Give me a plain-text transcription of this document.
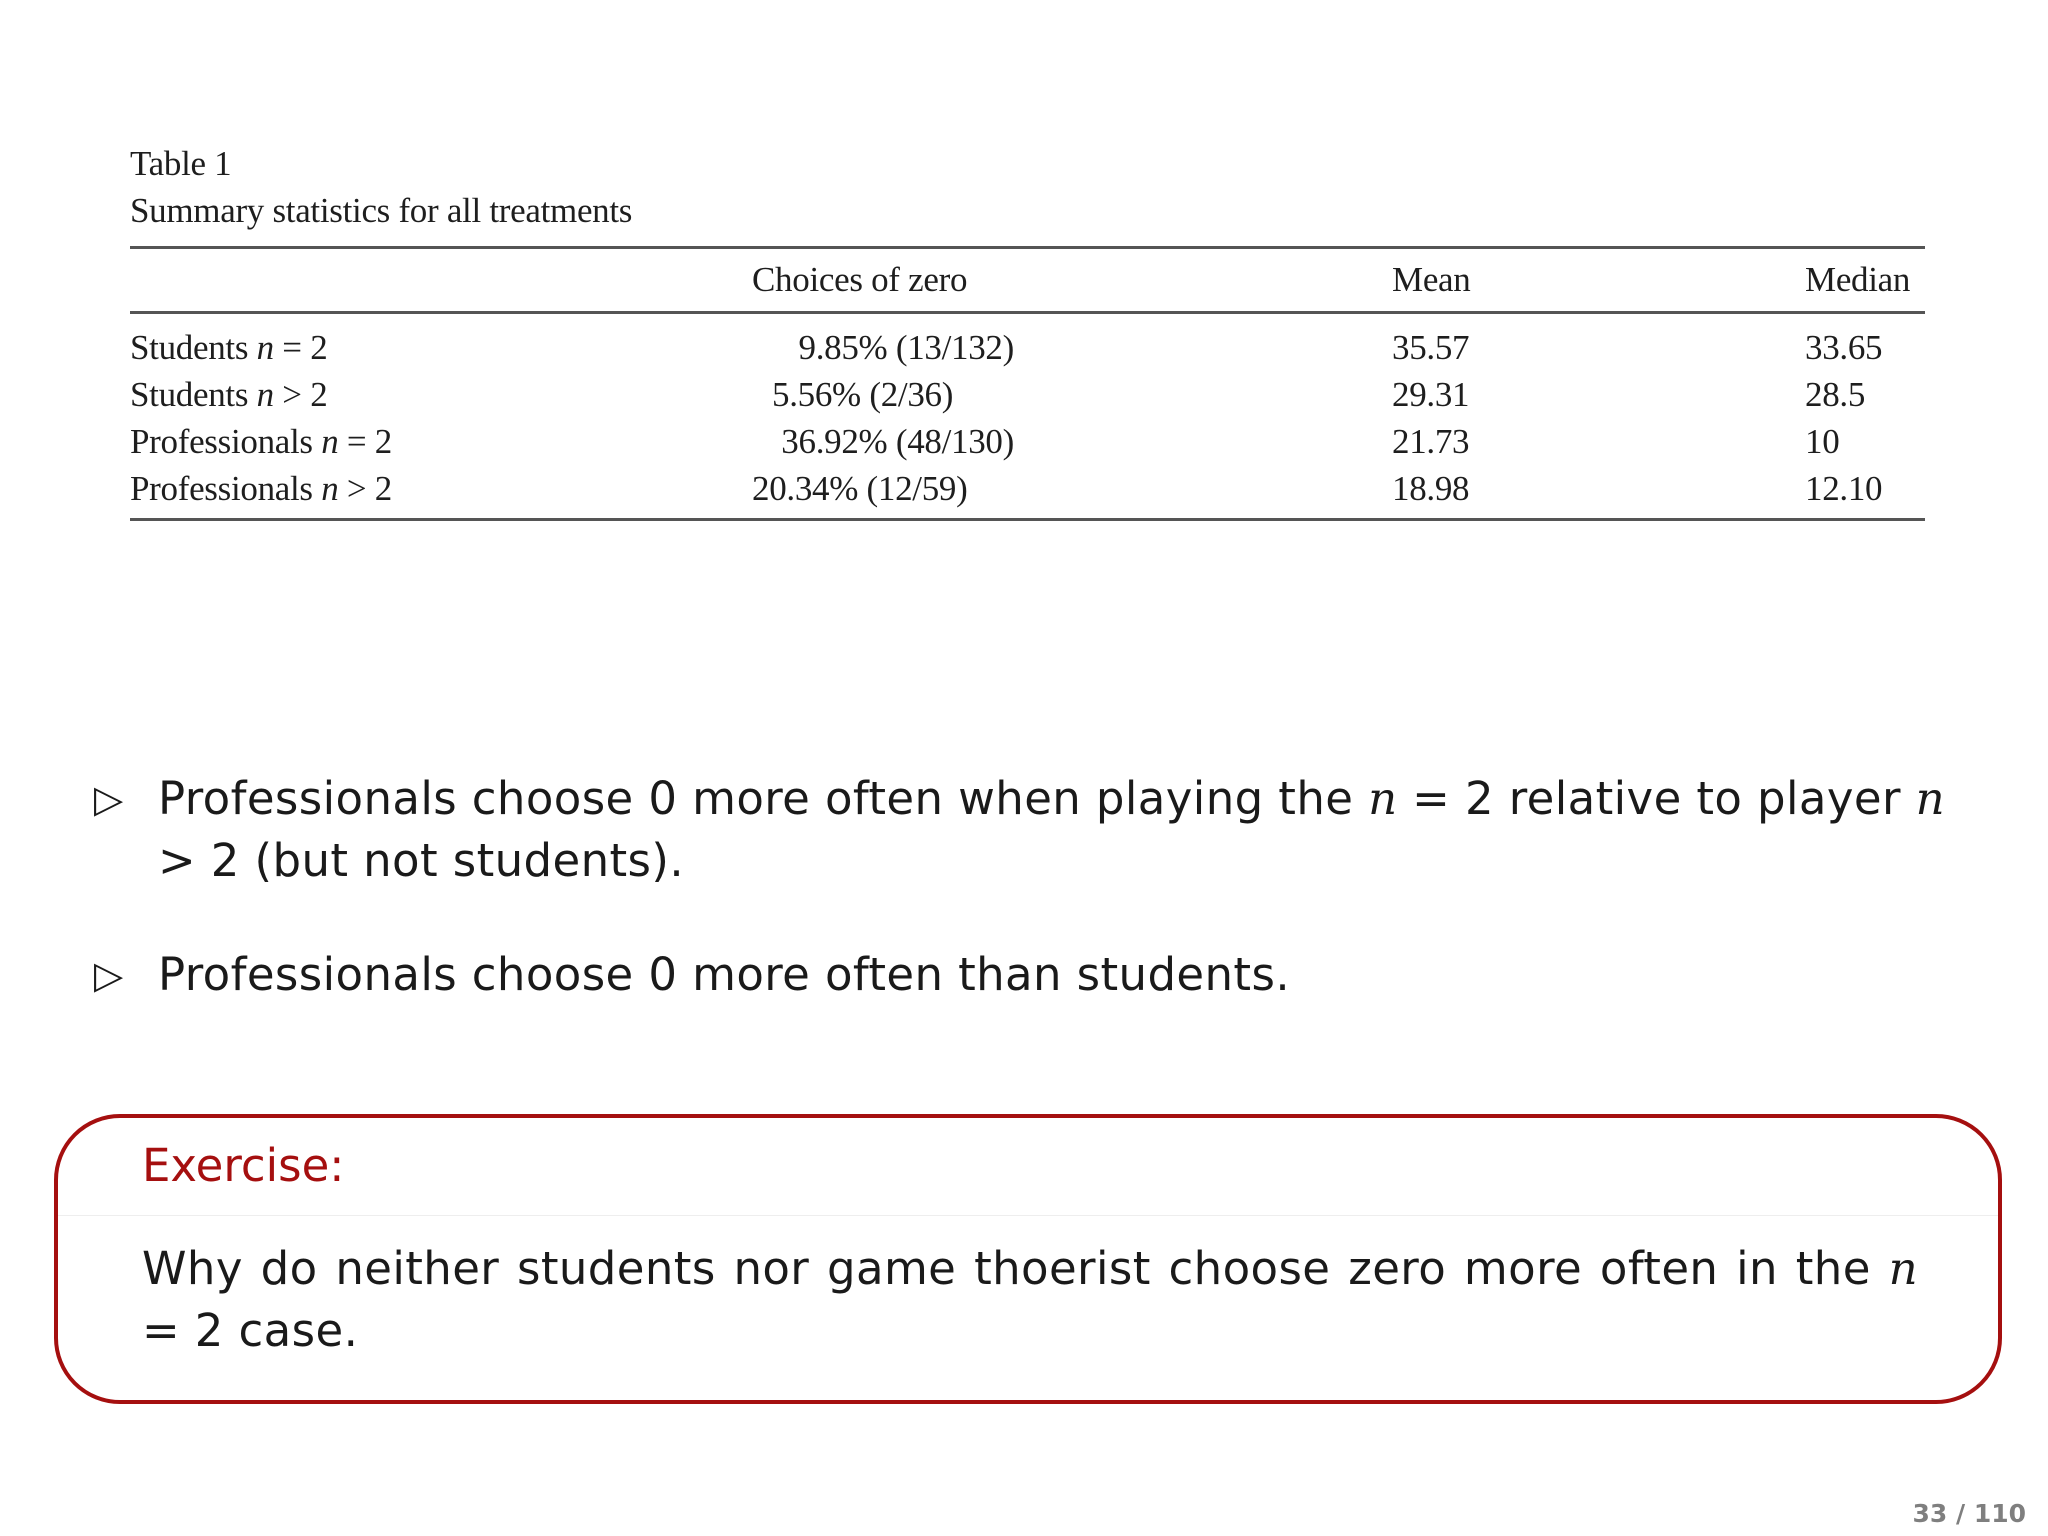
Table 1
Summary statistics for all treatments
	Choices of zero	Mean	Median
Students n = 2	9.85% (13/132)	35.57	33.65
Students n > 2	5.56% (2/36)	29.31	28.5
Professionals n = 2	36.92% (48/130)	21.73	10
Professionals n > 2	20.34% (12/59)	18.98	12.10
▷ Professionals choose 0 more often when playing the n = 2 relative to player n > 2 (but not students).
▷ Professionals choose 0 more often than students.
Exercise:
Why do neither students nor game thoerist choose zero more often in the n = 2 case.
33 / 110
